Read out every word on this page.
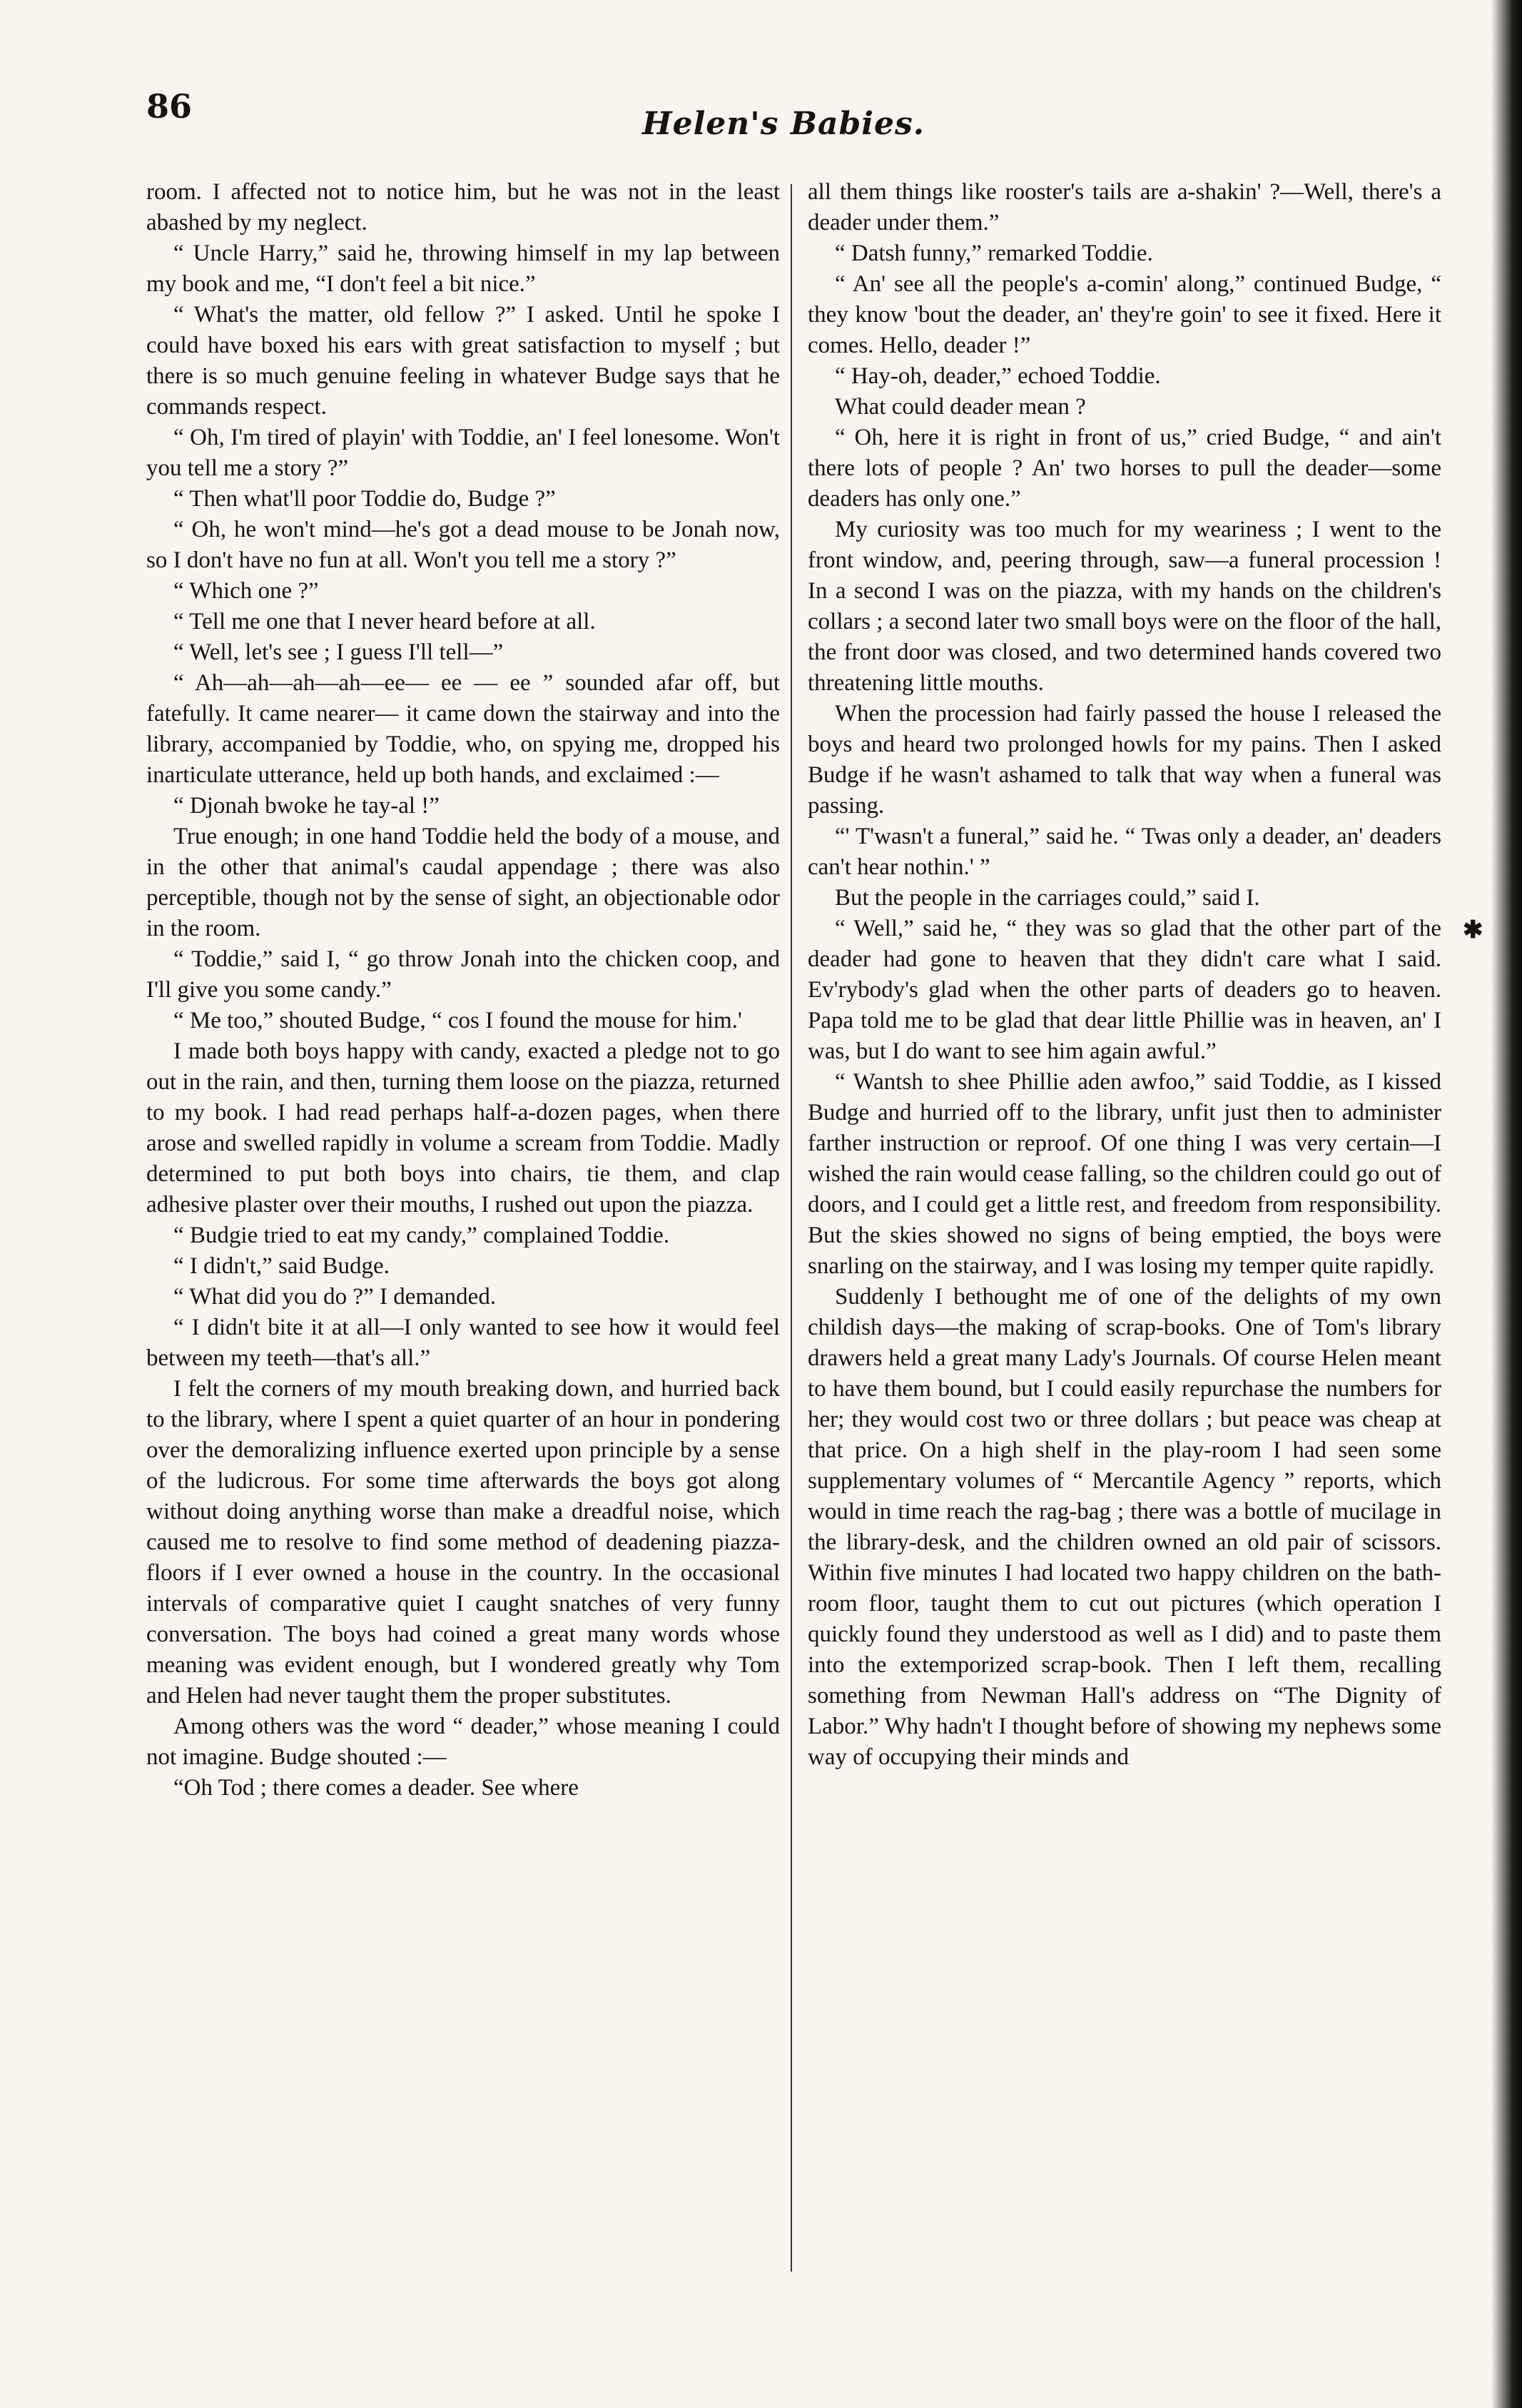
86	Helen's Babies.

room. I affected not to notice him, but he was not in the least abashed by my neglect.

“ Uncle Harry,” said he, throwing himself in my lap between my book and me, “I don't feel a bit nice.”

“ What's the matter, old fellow ?” I asked. Until he spoke I could have boxed his ears with great satisfaction to myself ; but there is so much genuine feeling in whatever Budge says that he commands respect.

“ Oh, I'm tired of playin' with Toddie, an' I feel lonesome. Won't you tell me a story ?”

“ Then what'll poor Toddie do, Budge ?”

“ Oh, he won't mind—he's got a dead mouse to be Jonah now, so I don't have no fun at all. Won't you tell me a story ?”

“ Which one ?”

“ Tell me one that I never heard before at all.

“ Well, let's see ; I guess I'll tell—”

“ Ah—ah—ah—ah—ee— ee — ee ” sounded afar off, but fatefully. It came nearer— it came down the stairway and into the library, accompanied by Toddie, who, on spying me, dropped his inarticulate utterance, held up both hands, and exclaimed :—

“ Djonah bwoke he tay-al !”

True enough; in one hand Toddie held the body of a mouse, and in the other that animal's caudal appendage ; there was also perceptible, though not by the sense of sight, an objectionable odor in the room.

“ Toddie,” said I, “ go throw Jonah into the chicken coop, and I'll give you some candy.”

“ Me too,” shouted Budge, “ cos I found the mouse for him.'

I made both boys happy with candy, exacted a pledge not to go out in the rain, and then, turning them loose on the piazza, returned to my book. I had read perhaps half-a-dozen pages, when there arose and swelled rapidly in volume a scream from Toddie. Madly determined to put both boys into chairs, tie them, and clap adhesive plaster over their mouths, I rushed out upon the piazza.

“ Budgie tried to eat my candy,” complained Toddie.

“ I didn't,” said Budge.

“ What did you do ?” I demanded.

“ I didn't bite it at all—I only wanted to see how it would feel between my teeth—that's all.”

I felt the corners of my mouth breaking down, and hurried back to the library, where I spent a quiet quarter of an hour in pondering over the demoralizing influence exerted upon principle by a sense of the ludicrous. For some time afterwards the boys got along without doing anything worse than make a dreadful noise, which caused me to resolve to find some method of deadening piazza-floors if I ever owned a house in the country. In the occasional intervals of comparative quiet I caught snatches of very funny conversation. The boys had coined a great many words whose meaning was evident enough, but I wondered greatly why Tom and Helen had never taught them the proper substitutes.

Among others was the word “ deader,” whose meaning I could not imagine. Budge shouted :—

“Oh Tod ; there comes a deader. See where

all them things like rooster's tails are a-shakin' ?—Well, there's a deader under them.”

“ Datsh funny,” remarked Toddie.

“ An' see all the people's a-comin' along,” continued Budge, “ they know 'bout the deader, an' they're goin' to see it fixed. Here it comes. Hello, deader !”

“ Hay-oh, deader,” echoed Toddie.

What could deader mean ?

“ Oh, here it is right in front of us,” cried Budge, “ and ain't there lots of people ? An' two horses to pull the deader—some deaders has only one.”

My curiosity was too much for my weariness ; I went to the front window, and, peering through, saw—a funeral procession ! In a second I was on the piazza, with my hands on the children's collars ; a second later two small boys were on the floor of the hall, the front door was closed, and two determined hands covered two threatening little mouths.

When the procession had fairly passed the house I released the boys and heard two prolonged howls for my pains. Then I asked Budge if he wasn't ashamed to talk that way when a funeral was passing.

“' T'wasn't a funeral,” said he. “ Twas only a deader, an' deaders can't hear nothin.' ”

But the people in the carriages could,” said I.

“ Well,” said he, “ they was so glad that the other part of the deader had gone to heaven that they didn't care what I said. Ev'rybody's glad when the other parts of deaders go to heaven. Papa told me to be glad that dear little Phillie was in heaven, an' I was, but I do want to see him again awful.”

“ Wantsh to shee Phillie aden awfoo,” said Toddie, as I kissed Budge and hurried off to the library, unfit just then to administer farther instruction or reproof. Of one thing I was very certain—I wished the rain would cease falling, so the children could go out of doors, and I could get a little rest, and freedom from responsibility. But the skies showed no signs of being emptied, the boys were snarling on the stairway, and I was losing my temper quite rapidly.

Suddenly I bethought me of one of the delights of my own childish days—the making of scrap-books. One of Tom's library drawers held a great many Lady's Journals. Of course Helen meant to have them bound, but I could easily repurchase the numbers for her; they would cost two or three dollars ; but peace was cheap at that price. On a high shelf in the play-room I had seen some supplementary volumes of “ Mercantile Agency ” reports, which would in time reach the rag-bag ; there was a bottle of mucilage in the library-desk, and the children owned an old pair of scissors. Within five minutes I had located two happy children on the bath-room floor, taught them to cut out pictures (which operation I quickly found they understood as well as I did) and to paste them into the extemporized scrap-book. Then I left them, recalling something from Newman Hall's address on “The Dignity of Labor.” Why hadn't I thought before of showing my nephews some way of occupying their minds and

✱
